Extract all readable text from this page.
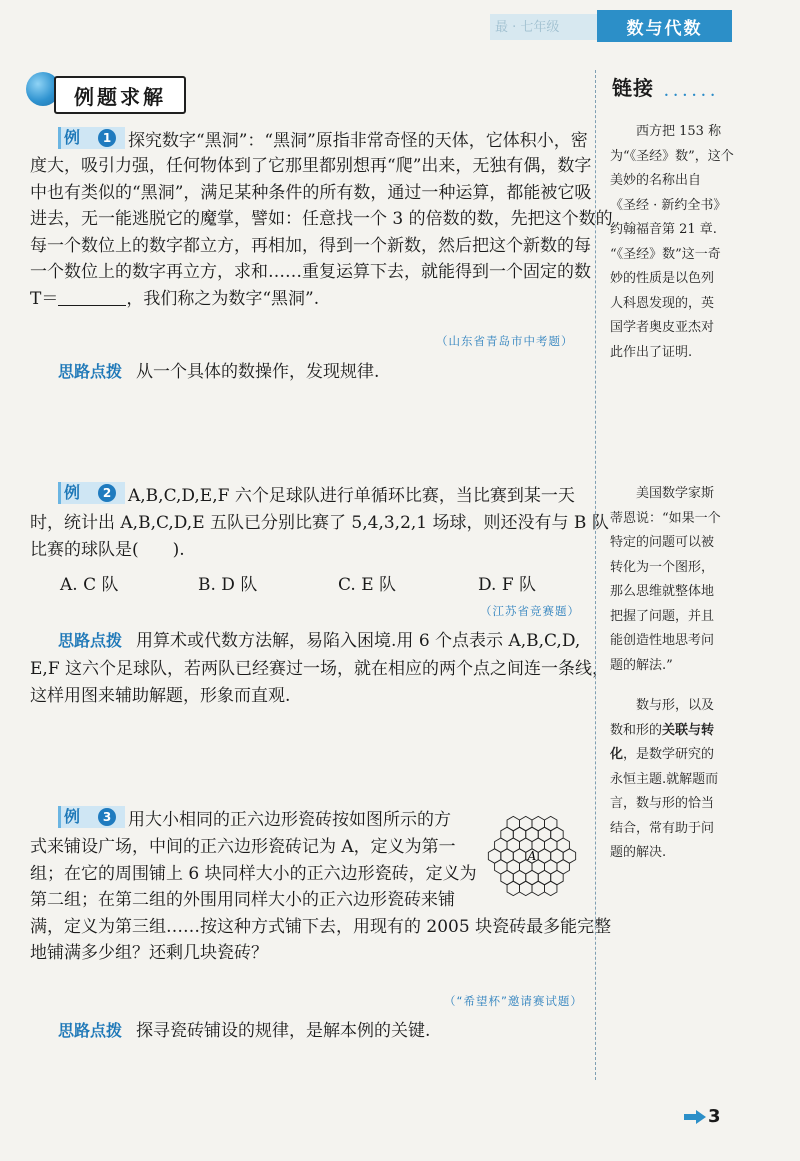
最 · 七年级	数与代数
例题求解
例	1 探究数字“黑洞”：“黑洞”原指非常奇怪的天体，它体积小，密
度大，吸引力强，任何物体到了它那里都别想再“爬”出来，无独有偶，数字
中也有类似的“黑洞”，满足某种条件的所有数，通过一种运算，都能被它吸
进去，无一能逃脱它的魔掌，譬如：任意找一个 3 的倍数的数，先把这个数的
每一个数位上的数字都立方，再相加，得到一个新数，然后把这个新数的每
一个数位上的数字再立方，求和……重复运算下去，就能得到一个固定的数
T＝	，我们称之为数字“黑洞”.
（山东省青岛市中考题）
思路点拨 从一个具体的数操作，发现规律.
例	2 A,B,C,D,E,F 六个足球队进行单循环比赛，当比赛到某一天
时，统计出 A,B,C,D,E 五队已分别比赛了 5,4,3,2,1 场球，则还没有与 B 队
比赛的球队是(　　).
A. C 队	B. D 队	C. E 队	D. F 队
（江苏省竞赛题）
思路点拨 用算术或代数方法解，易陷入困境.用 6 个点表示 A,B,C,D,
E,F 这六个足球队，若两队已经赛过一场，就在相应的两个点之间连一条线，
这样用图来辅助解题，形象而直观.
例	3 用大小相同的正六边形瓷砖按如图所示的方
式来铺设广场，中间的正六边形瓷砖记为 A，定义为第一
组；在它的周围铺上 6 块同样大小的正六边形瓷砖，定义为
第二组；在第二组的外围用同样大小的正六边形瓷砖来铺
满，定义为第三组……按这种方式铺下去，用现有的 2005 块瓷砖最多能完整
地铺满多少组？还剩几块瓷砖？
A
（“希望杯”邀请赛试题）
思路点拨 探寻瓷砖铺设的规律，是解本例的关键.
链接 • • • • • •
西方把 153 称
为“《圣经》数”，这个
美妙的名称出自
《圣经 · 新约全书》
约翰福音第 21 章.
“《圣经》数”这一奇
妙的性质是以色列
人科恩发现的，英
国学者奥皮亚杰对
此作出了证明.
美国数学家斯
蒂恩说：“如果一个
特定的问题可以被
转化为一个图形，
那么思维就整体地
把握了问题，并且
能创造性地思考问
题的解法.”
数与形，以及
数和形的关联与转
化，是数学研究的
永恒主题.就解题而
言，数与形的恰当
结合，常有助于问
题的解决.
3
